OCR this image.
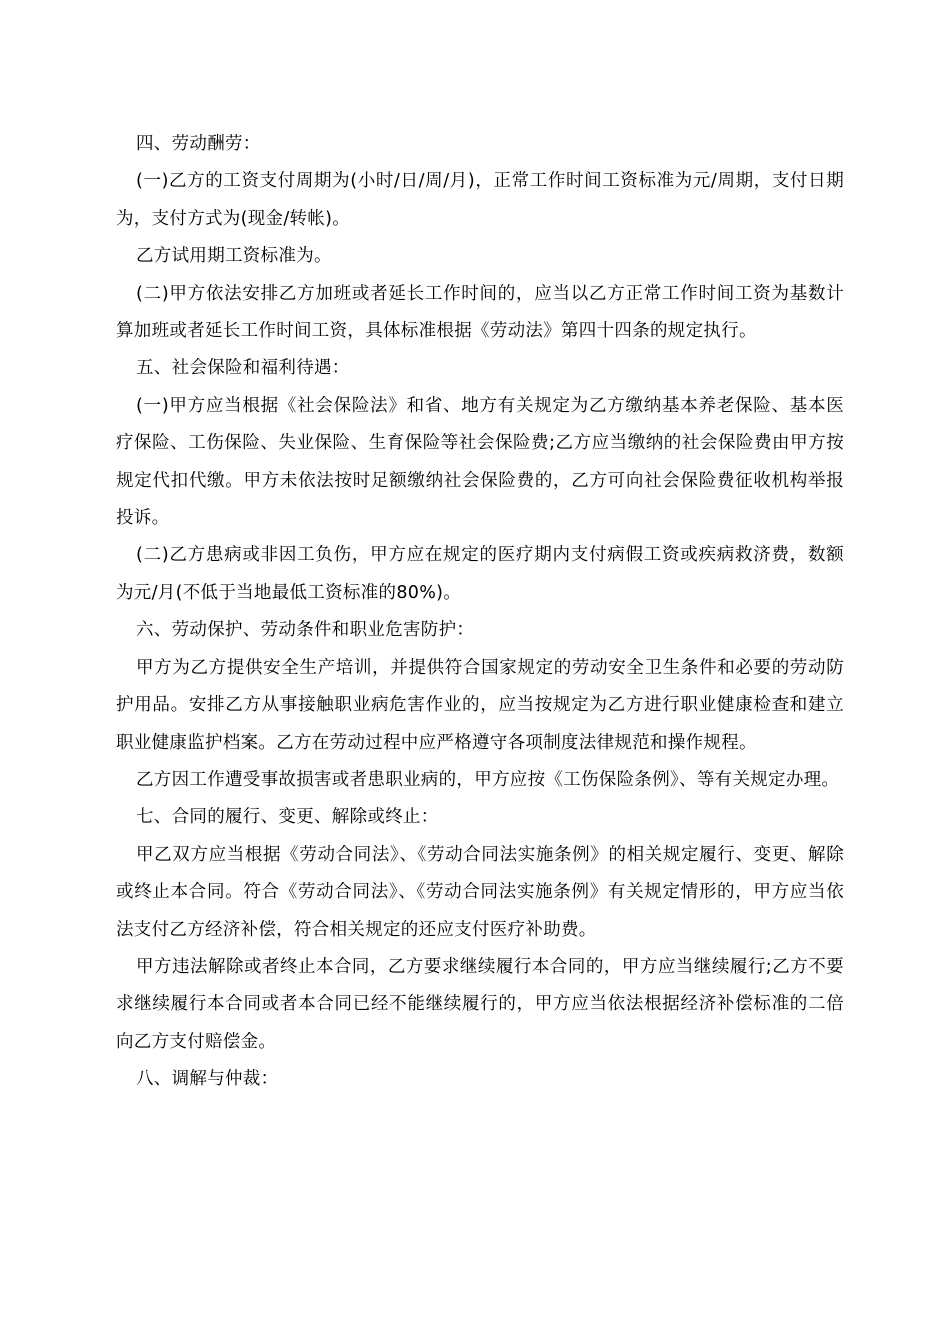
四、劳动酬劳：

(一)乙方的工资支付周期为(小时/日/周/月)，正常工作时间工资标准为元/周期，支付日期为，支付方式为(现金/转帐)。

乙方试用期工资标准为。

(二)甲方依法安排乙方加班或者延长工作时间的，应当以乙方正常工作时间工资为基数计算加班或者延长工作时间工资，具体标准根据《劳动法》第四十四条的规定执行。

五、社会保险和福利待遇：

(一)甲方应当根据《社会保险法》和省、地方有关规定为乙方缴纳基本养老保险、基本医疗保险、工伤保险、失业保险、生育保险等社会保险费;乙方应当缴纳的社会保险费由甲方按规定代扣代缴。甲方未依法按时足额缴纳社会保险费的，乙方可向社会保险费征收机构举报投诉。

(二)乙方患病或非因工负伤，甲方应在规定的医疗期内支付病假工资或疾病救济费，数额为元/月(不低于当地最低工资标准的80%)。

六、劳动保护、劳动条件和职业危害防护：

甲方为乙方提供安全生产培训，并提供符合国家规定的劳动安全卫生条件和必要的劳动防护用品。安排乙方从事接触职业病危害作业的，应当按规定为乙方进行职业健康检查和建立职业健康监护档案。乙方在劳动过程中应严格遵守各项制度法律规范和操作规程。

乙方因工作遭受事故损害或者患职业病的，甲方应按《工伤保险条例》、等有关规定办理。

七、合同的履行、变更、解除或终止：

甲乙双方应当根据《劳动合同法》、《劳动合同法实施条例》的相关规定履行、变更、解除或终止本合同。符合《劳动合同法》、《劳动合同法实施条例》有关规定情形的，甲方应当依法支付乙方经济补偿，符合相关规定的还应支付医疗补助费。

甲方违法解除或者终止本合同，乙方要求继续履行本合同的，甲方应当继续履行;乙方不要求继续履行本合同或者本合同已经不能继续履行的，甲方应当依法根据经济补偿标准的二倍向乙方支付赔偿金。

八、调解与仲裁：
